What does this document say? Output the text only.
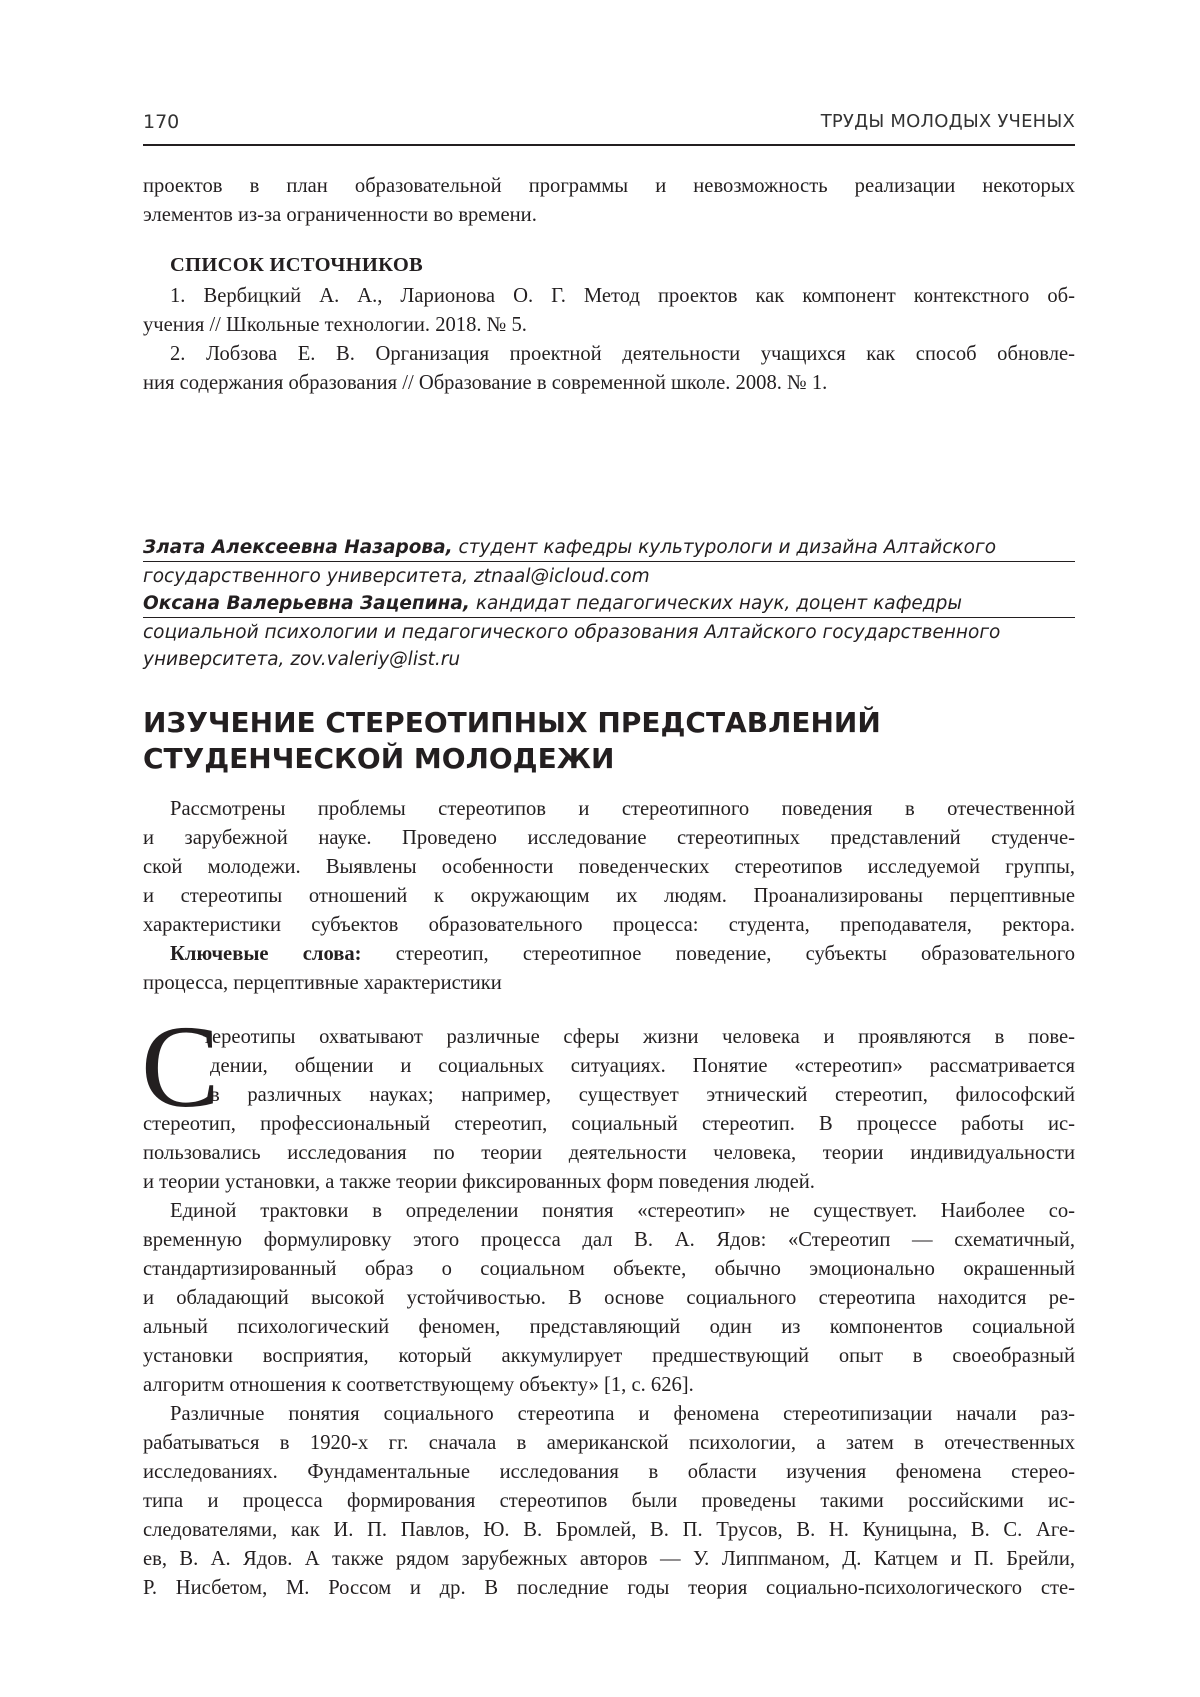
170	ТРУДЫ МОЛОДЫХ УЧЕНЫХ
проектов в план образовательной программы и невозможность реализации некоторых
элементов из-за ограниченности во времени.
СПИСОК ИСТОЧНИКОВ
1. Вербицкий А. А., Ларионова О. Г. Метод проектов как компонент контекстного об-
учения // Школьные технологии. 2018. № 5.
2. Лобзова Е. В. Организация проектной деятельности учащихся как способ обновле-
ния содержания образования // Образование в современной школе. 2008. № 1.
Злата Алексеевна Назарова, студент кафедры культурологи и дизайна Алтайского
государственного университета, ztnaal@icloud.com
Оксана Валерьевна Зацепина, кандидат педагогических наук, доцент кафедры
социальной психологии и педагогического образования Алтайского государственного
университета, zov.valeriy@list.ru
ИЗУЧЕНИЕ СТЕРЕОТИПНЫХ ПРЕДСТАВЛЕНИЙ
СТУДЕНЧЕСКОЙ МОЛОДЕЖИ
Рассмотрены проблемы стереотипов и стереотипного поведения в отечественной
и зарубежной науке. Проведено исследование стереотипных представлений студенче-
ской молодежи. Выявлены особенности поведенческих стереотипов исследуемой группы,
и стереотипы отношений к окружающим их людям. Проанализированы перцептивные
характеристики субъектов образовательного процесса: студента, преподавателя, ректора.
Ключевые слова: стереотип, стереотипное поведение, субъекты образовательного
процесса, перцептивные характеристики
С
тереотипы охватывают различные сферы жизни человека и проявляются в пове-
дении, общении и социальных ситуациях. Понятие «стереотип» рассматривается
в различных науках; например, существует этнический стереотип, философский
стереотип, профессиональный стереотип, социальный стереотип. В процессе работы ис-
пользовались исследования по теории деятельности человека, теории индивидуальности
и теории установки, а также теории фиксированных форм поведения людей.
Единой трактовки в определении понятия «стереотип» не существует. Наиболее со-
временную формулировку этого процесса дал В. А. Ядов: «Стереотип — схематичный,
стандартизированный образ о социальном объекте, обычно эмоционально окрашенный
и обладающий высокой устойчивостью. В основе социального стереотипа находится ре-
альный психологический феномен, представляющий один из компонентов социальной
установки восприятия, который аккумулирует предшествующий опыт в своеобразный
алгоритм отношения к соответствующему объекту» [1, с. 626].
Различные понятия социального стереотипа и феномена стереотипизации начали раз-
рабатываться в 1920-х гг. сначала в американской психологии, а затем в отечественных
исследованиях. Фундаментальные исследования в области изучения феномена стерео-
типа и процесса формирования стереотипов были проведены такими российскими ис-
следователями, как И. П. Павлов, Ю. В. Бромлей, В. П. Трусов, В. Н. Куницына, В. С. Аге-
ев, В. А. Ядов. А также рядом зарубежных авторов — У. Липпманом, Д. Катцем и П. Брейли,
Р. Нисбетом, М. Россом и др. В последние годы теория социально-психологического сте-
